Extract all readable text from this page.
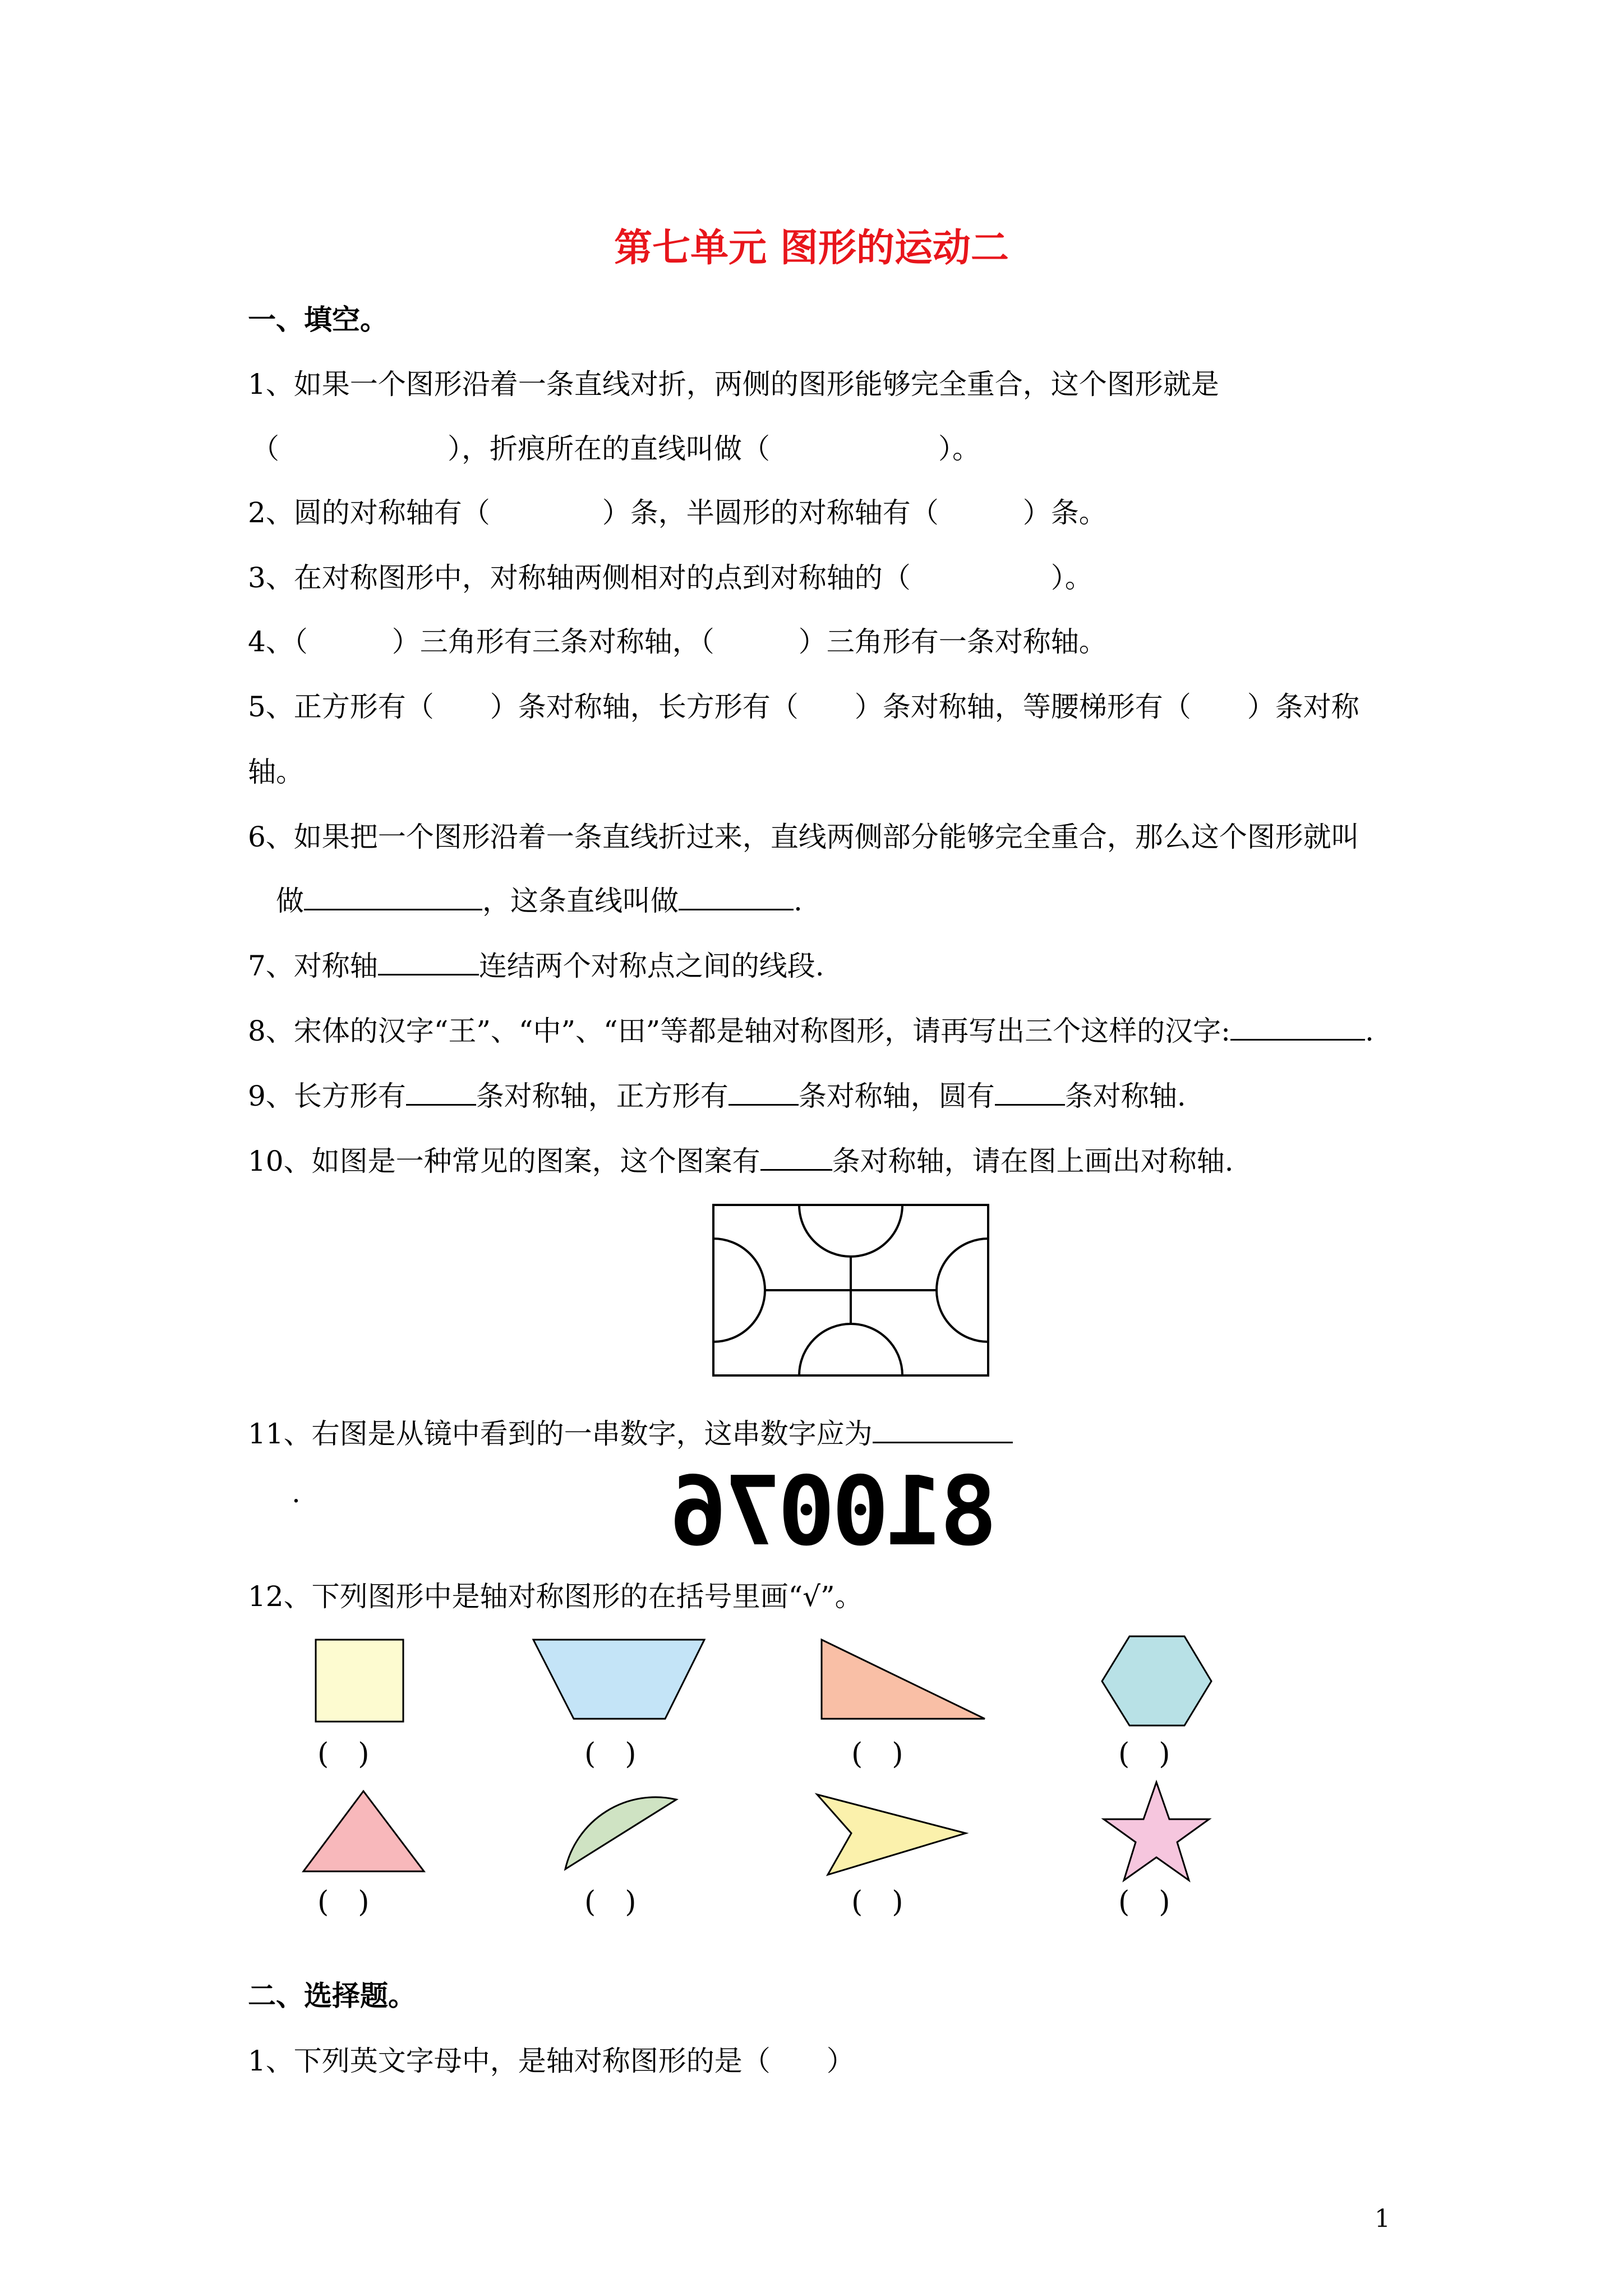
第七单元 图形的运动二
一、填空。
1、如果一个图形沿着一条直线对折，两侧的图形能够完全重合，这个图形就是
（　　　　　　），折痕所在的直线叫做（　　　　　　）。
2、圆的对称轴有（　　　　）条，半圆形的对称轴有（　　　）条。
3、在对称图形中，对称轴两侧相对的点到对称轴的（　　　　　）。
4、（　　　）三角形有三条对称轴，（　　　）三角形有一条对称轴。
5、正方形有（　　）条对称轴，长方形有（　　）条对称轴，等腰梯形有（　　）条对称
轴。
6、如果把一个图形沿着一条直线折过来，直线两侧部分能够完全重合，那么这个图形就叫
做	，这条直线叫做	.
7、对称轴	连结两个对称点之间的线段.
8、宋体的汉字“王”、“中”、“田”等都是轴对称图形，请再写出三个这样的汉字:	.
9、长方形有	条对称轴，正方形有	条对称轴，圆有	条对称轴.
10、如图是一种常见的图案，这个图案有	条对称轴，请在图上画出对称轴.
11、右图是从镜中看到的一串数字，这串数字应为
.	810076
12、下列图形中是轴对称图形的在括号里画“√”。
(　)	(　)	(　)	(　)
(　)	(　)	(　)	(　)
二、选择题。
1、下列英文字母中，是轴对称图形的是（　　）
1
